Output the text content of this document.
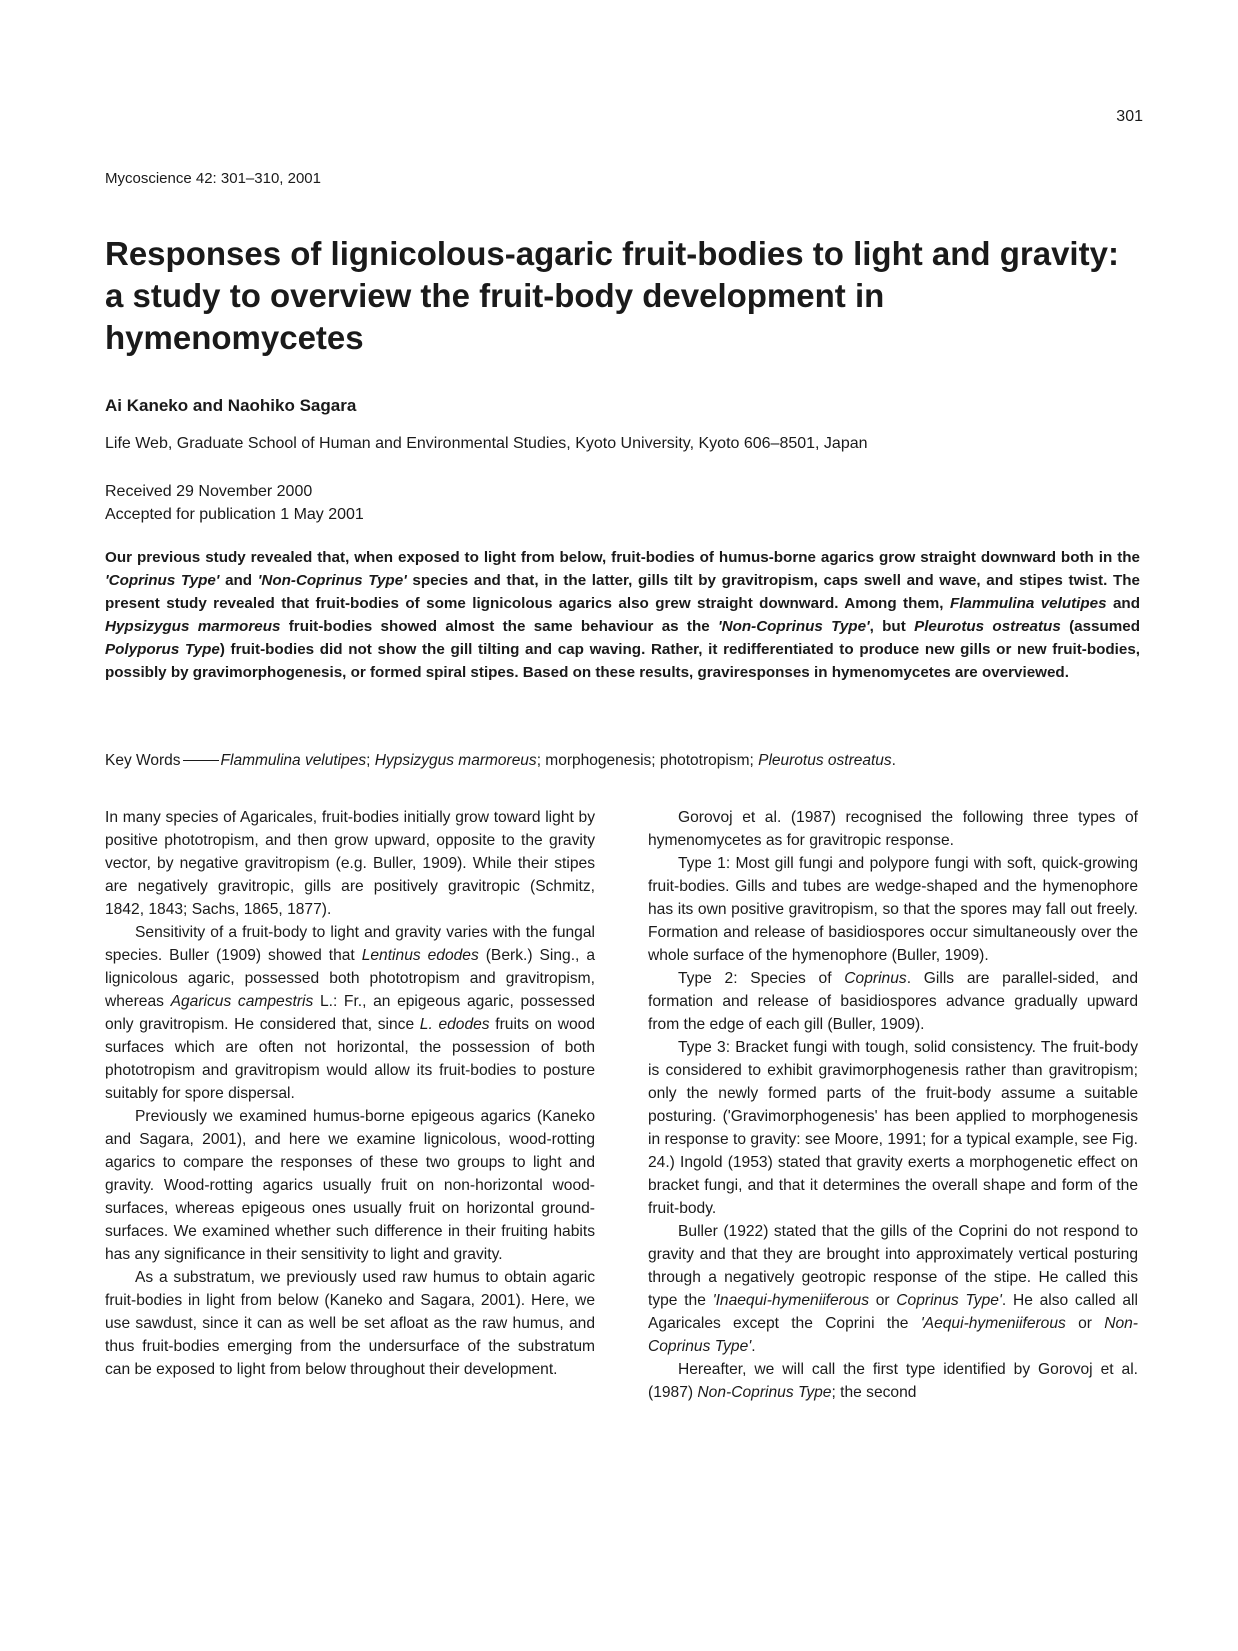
301
Mycoscience 42: 301–310, 2001
Responses of lignicolous-agaric fruit-bodies to light and gravity: a study to overview the fruit-body development in hymenomycetes
Ai Kaneko and Naohiko Sagara
Life Web, Graduate School of Human and Environmental Studies, Kyoto University, Kyoto 606–8501, Japan
Received 29 November 2000
Accepted for publication 1 May 2001

Our previous study revealed that, when exposed to light from below, fruit-bodies of humus-borne agarics grow straight downward both in the 'Coprinus Type' and 'Non-Coprinus Type' species and that, in the latter, gills tilt by gravitropism, caps swell and wave, and stipes twist. The present study revealed that fruit-bodies of some lignicolous agarics also grew straight downward. Among them, Flammulina velutipes and Hypsizygus marmoreus fruit-bodies showed almost the same behaviour as the 'Non-Coprinus Type', but Pleurotus ostreatus (assumed Polyporus Type) fruit-bodies did not show the gill tilting and cap waving. Rather, it redifferentiated to produce new gills or new fruit-bodies, possibly by gravimorphogenesis, or formed spiral stipes. Based on these results, graviresponses in hymenomycetes are overviewed.

Key Words	Flammulina velutipes; Hypsizygus marmoreus; morphogenesis; phototropism; Pleurotus ostreatus.

In many species of Agaricales, fruit-bodies initially grow toward light by positive phototropism, and then grow upward, opposite to the gravity vector, by negative gravitropism (e.g. Buller, 1909). While their stipes are negatively gravitropic, gills are positively gravitropic (Schmitz, 1842, 1843; Sachs, 1865, 1877).

Sensitivity of a fruit-body to light and gravity varies with the fungal species. Buller (1909) showed that Lentinus edodes (Berk.) Sing., a lignicolous agaric, possessed both phototropism and gravitropism, whereas Agaricus campestris L.: Fr., an epigeous agaric, possessed only gravitropism. He considered that, since L. edodes fruits on wood surfaces which are often not horizontal, the possession of both phototropism and gravitropism would allow its fruit-bodies to posture suitably for spore dispersal.

Previously we examined humus-borne epigeous agarics (Kaneko and Sagara, 2001), and here we examine lignicolous, wood-rotting agarics to compare the responses of these two groups to light and gravity. Wood-rotting agarics usually fruit on non-horizontal wood-surfaces, whereas epigeous ones usually fruit on horizontal ground-surfaces. We examined whether such difference in their fruiting habits has any significance in their sensitivity to light and gravity.

As a substratum, we previously used raw humus to obtain agaric fruit-bodies in light from below (Kaneko and Sagara, 2001). Here, we use sawdust, since it can as well be set afloat as the raw humus, and thus fruit-bodies emerging from the undersurface of the substratum can be exposed to light from below throughout their development.

Gorovoj et al. (1987) recognised the following three types of hymenomycetes as for gravitropic response.

Type 1: Most gill fungi and polypore fungi with soft, quick-growing fruit-bodies. Gills and tubes are wedge-shaped and the hymenophore has its own positive gravitropism, so that the spores may fall out freely. Formation and release of basidiospores occur simultaneously over the whole surface of the hymenophore (Buller, 1909).

Type 2: Species of Coprinus. Gills are parallel-sided, and formation and release of basidiospores advance gradually upward from the edge of each gill (Buller, 1909).

Type 3: Bracket fungi with tough, solid consistency. The fruit-body is considered to exhibit gravimorphogenesis rather than gravitropism; only the newly formed parts of the fruit-body assume a suitable posturing. ('Gravimorphogenesis' has been applied to morphogenesis in response to gravity: see Moore, 1991; for a typical example, see Fig. 24.) Ingold (1953) stated that gravity exerts a morphogenetic effect on bracket fungi, and that it determines the overall shape and form of the fruit-body.

Buller (1922) stated that the gills of the Coprini do not respond to gravity and that they are brought into approximately vertical posturing through a negatively geotropic response of the stipe. He called this type the 'Inaequi-hymeniiferous or Coprinus Type'. He also called all Agaricales except the Coprini the 'Aequi-hymeniiferous or Non-Coprinus Type'.

Hereafter, we will call the first type identified by Gorovoj et al. (1987) Non-Coprinus Type; the second
